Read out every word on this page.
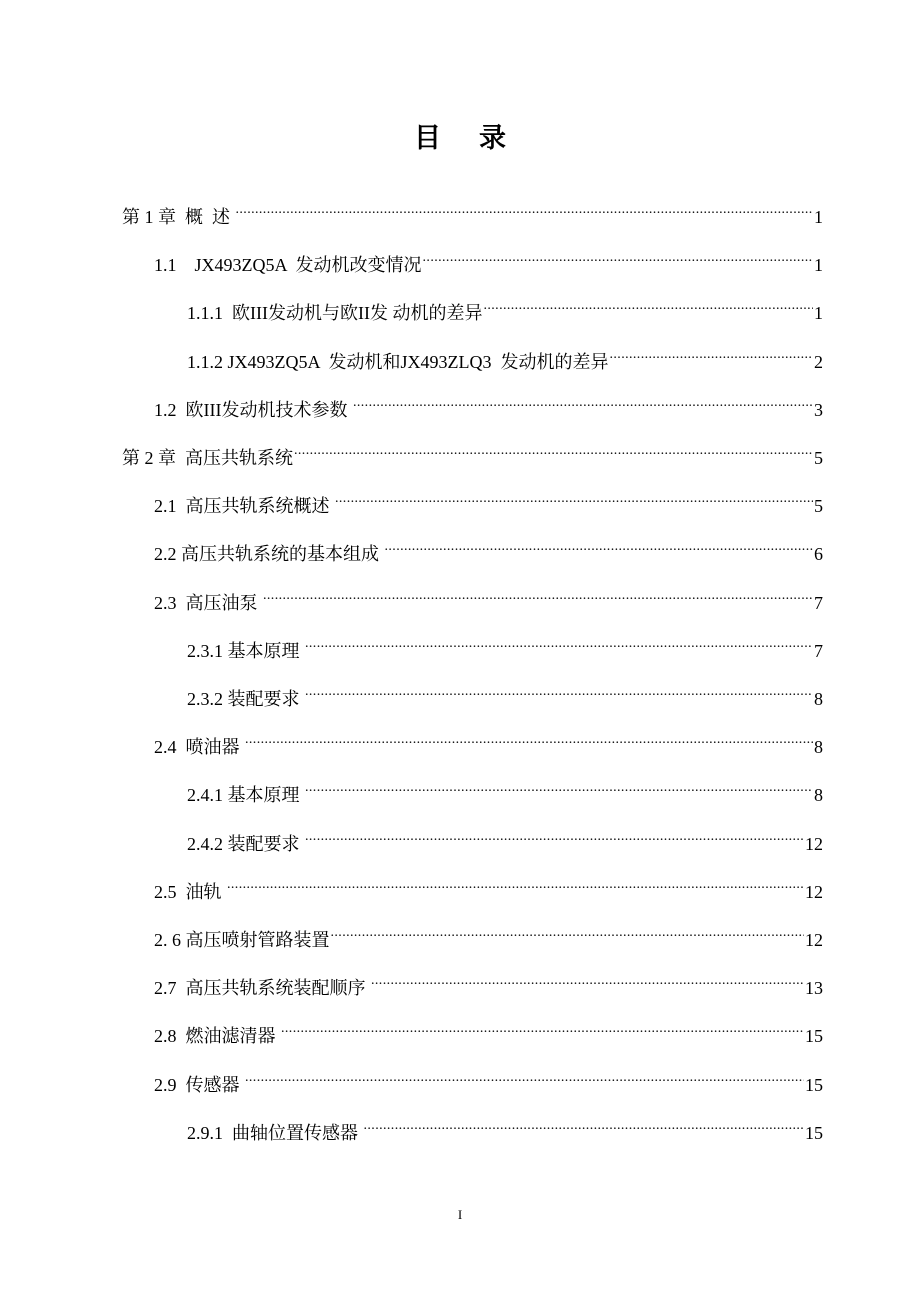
目 录
第 1 章  概  述 .....	1
1.1    JX493ZQ5A  发动机改变情况 .....	1
1.1.1  欧III发动机与欧II发 动机的差异 .....	1
1.1.2 JX493ZQ5A  发动机和JX493ZLQ3  发动机的差异 .....	2
1.2  欧III发动机技术参数 .....	3
第 2 章  高压共轨系统 .....	5
2.1  高压共轨系统概述 .....	5
2.2 高压共轨系统的基本组成 .....	6
2.3  高压油泵 .....	7
2.3.1 基本原理 .....	7
2.3.2 装配要求 .....	8
2.4  喷油器 .....	8
2.4.1 基本原理 .....	8
2.4.2 装配要求 .....	12
2.5  油轨 .....	12
2. 6 高压喷射管路装置 .....	12
2.7  高压共轨系统装配顺序 .....	13
2.8  燃油滤清器 .....	15
2.9  传感器 .....	15
2.9.1  曲轴位置传感器 .....	15
I
